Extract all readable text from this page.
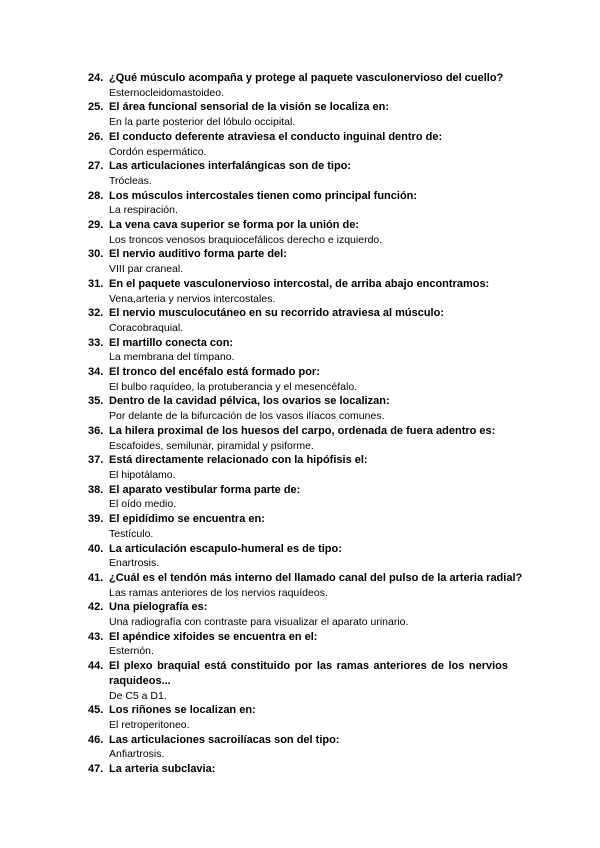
24. ¿Qué músculo acompaña y protege al paquete vasculonervioso del cuello?
Esternocleidomastoideo.
25. El área funcional sensorial de la visión se localiza en:
En la parte posterior del lóbulo occipital.
26. El conducto deferente atraviesa el conducto inguinal dentro de:
Cordón espermático.
27. Las articulaciones interfalángicas son de tipo:
Trócleas.
28. Los músculos intercostales tienen como principal función:
La respiración.
29. La vena cava superior se forma por la unión de:
Los troncos venosos braquiocefálicos derecho e izquierdo.
30. El nervio auditivo forma parte del:
VIII par craneal.
31. En el paquete vasculonervioso intercostal, de arriba abajo encontramos:
Vena,arteria y nervios intercostales.
32. El nervio musculocutáneo en su recorrido atraviesa al músculo:
Coracobraquial.
33. El martillo conecta con:
La membrana del tímpano.
34. El tronco del encéfalo está formado por:
El bulbo raquídeo, la protuberancia y el mesencéfalo.
35. Dentro de la cavidad pélvica, los ovarios se localizan:
Por delante de la bifurcación de los vasos ilíacos comunes.
36. La hilera proximal de los huesos del carpo, ordenada de fuera adentro es:
Escafoides, semilunar, piramidal y psiforme.
37. Está directamente relacionado con la hipófisis el:
El hipotálamo.
38. El aparato vestibular forma parte de:
El oído medio.
39. El epidídimo se encuentra en:
Testículo.
40. La articulación escapulo-humeral es de tipo:
Enartrosis.
41. ¿Cuál es el tendón más interno del llamado canal del pulso de la arteria radial?
Las ramas anteriores de los nervios raquídeos.
42. Una pielografía es:
Una radiografía con contraste para visualizar el aparato urinario.
43. El apéndice xifoides se encuentra en el:
Esternón.
44. El plexo braquial está constituido por las ramas anteriores de los nervios raquideos...
De C5 a D1.
45. Los riñones se localizan en:
El retroperitoneo.
46. Las articulaciones sacroilíacas son del tipo:
Anfiartrosis.
47. La arteria subclavia:
